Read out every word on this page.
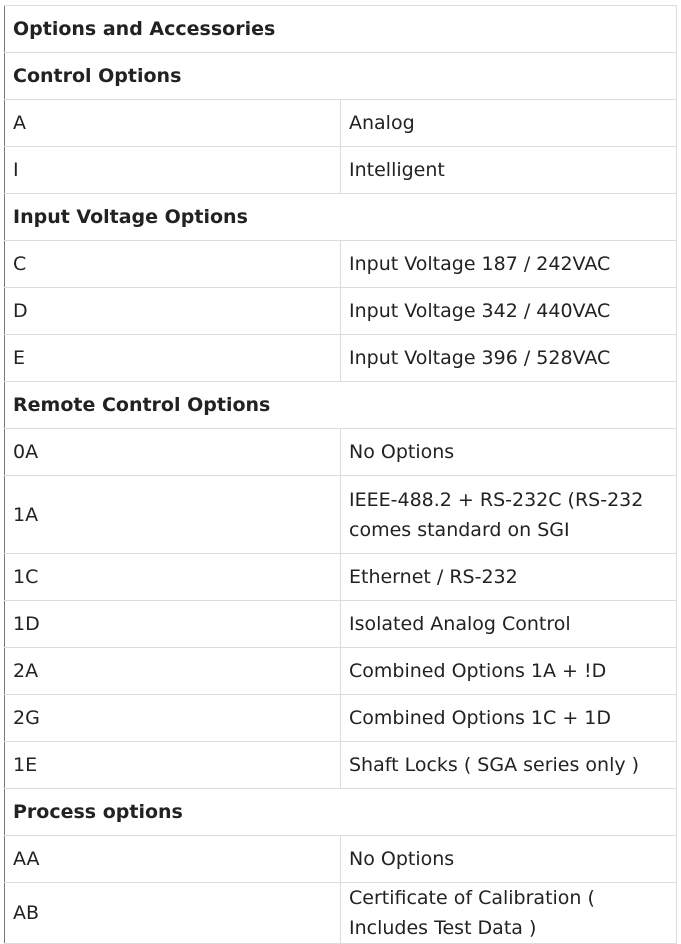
Options and Accessories	
Control Options	
A	Analog
I	Intelligent
Input Voltage Options	
C	Input Voltage 187 / 242VAC
D	Input Voltage 342 / 440VAC
E	Input Voltage 396 / 528VAC
Remote Control Options	
0A	No Options
1A	IEEE-488.2 + RS-232C (RS-232 comes standard on SGI
1C	Ethernet / RS-232
1D	Isolated Analog Control
2A	Combined Options 1A + !D
2G	Combined Options 1C + 1D
1E	Shaft Locks ( SGA series only )
Process options	
AA	No Options
AB	Certificate of Calibration ( Includes Test Data )
